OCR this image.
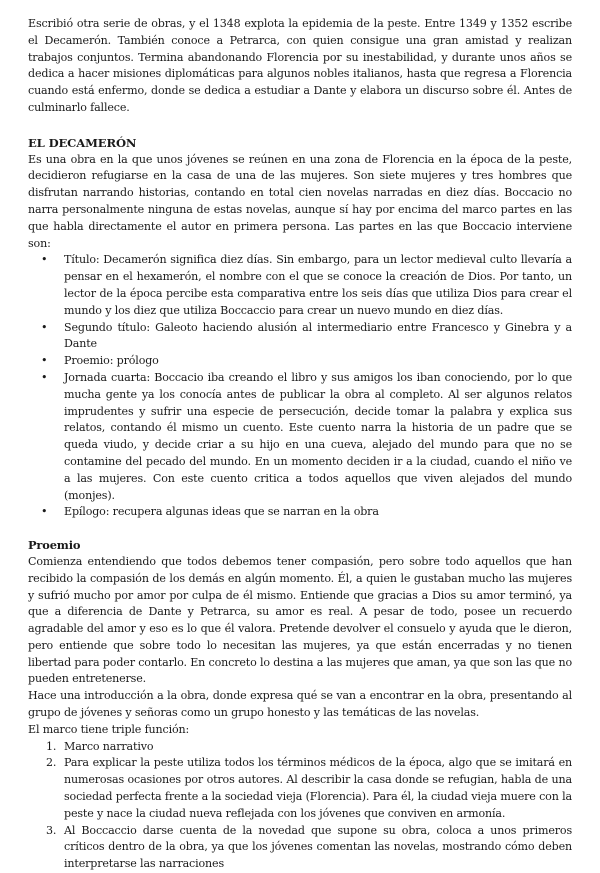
Escribió otra serie de obras, y el 1348 explota la epidemia de la peste. Entre 1349 y 1352 escribe el Decamerón. También conoce a Petrarca, con quien consigue una gran amistad y realizan trabajos conjuntos. Termina abandonando Florencia por su inestabilidad, y durante unos años se dedica a hacer misiones diplomáticas para algunos nobles italianos, hasta que regresa a Florencia cuando está enfermo, donde se dedica a estudiar a Dante y elabora un discurso sobre él. Antes de culminarlo fallece.

EL DECAMERÓN

Es una obra en la que unos jóvenes se reúnen en una zona de Florencia en la época de la peste, decidieron refugiarse en la casa de una de las mujeres. Son siete mujeres y tres hombres que disfrutan narrando historias, contando en total cien novelas narradas en diez días. Boccacio no narra personalmente ninguna de estas novelas, aunque sí hay por encima del marco partes en las que habla directamente el autor en primera persona. Las partes en las que Boccacio interviene son:

• Título: Decamerón significa diez días. Sin embargo, para un lector medieval culto llevaría a pensar en el hexamerón, el nombre con el que se conoce la creación de Dios. Por tanto, un lector de la época percibe esta comparativa entre los seis días que utiliza Dios para crear el mundo y los diez que utiliza Boccaccio para crear un nuevo mundo en diez días.
• Segundo título: Galeoto haciendo alusión al intermediario entre Francesco y Ginebra y a Dante
• Proemio: prólogo
• Jornada cuarta: Boccacio iba creando el libro y sus amigos los iban conociendo, por lo que mucha gente ya los conocía antes de publicar la obra al completo. Al ser algunos relatos imprudentes y sufrir una especie de persecución, decide tomar la palabra y explica sus relatos, contando él mismo un cuento. Este cuento narra la historia de un padre que se queda viudo, y decide criar a su hijo en una cueva, alejado del mundo para que no se contamine del pecado del mundo. En un momento deciden ir a la ciudad, cuando el niño ve a las mujeres. Con este cuento critica a todos aquellos que viven alejados del mundo (monjes).
• Epílogo: recupera algunas ideas que se narran en la obra
Proemio

Comienza entendiendo que todos debemos tener compasión, pero sobre todo aquellos que han recibido la compasión de los demás en algún momento. Él, a quien le gustaban mucho las mujeres y sufrió mucho por amor por culpa de él mismo. Entiende que gracias a Dios su amor terminó, ya que a diferencia de Dante y Petrarca, su amor es real. A pesar de todo, posee un recuerdo agradable del amor y eso es lo que él valora. Pretende devolver el consuelo y ayuda que le dieron, pero entiende que sobre todo lo necesitan las mujeres, ya que están encerradas y no tienen libertad para poder contarlo. En concreto lo destina a las mujeres que aman, ya que son las que no pueden entretenerse.

Hace una introducción a la obra, donde expresa qué se van a encontrar en la obra, presentando al grupo de jóvenes y señoras como un grupo honesto y las temáticas de las novelas.

El marco tiene triple función:

1. Marco narrativo
2. Para explicar la peste utiliza todos los términos médicos de la época, algo que se imitará en numerosas ocasiones por otros autores. Al describir la casa donde se refugian, habla de una sociedad perfecta frente a la sociedad vieja (Florencia). Para él, la ciudad vieja muere con la peste y nace la ciudad nueva reflejada con los jóvenes que conviven en armonía.
3. Al Boccaccio darse cuenta de la novedad que supone su obra, coloca a unos primeros críticos dentro de la obra, ya que los jóvenes comentan las novelas, mostrando cómo deben interpretarse las narraciones
